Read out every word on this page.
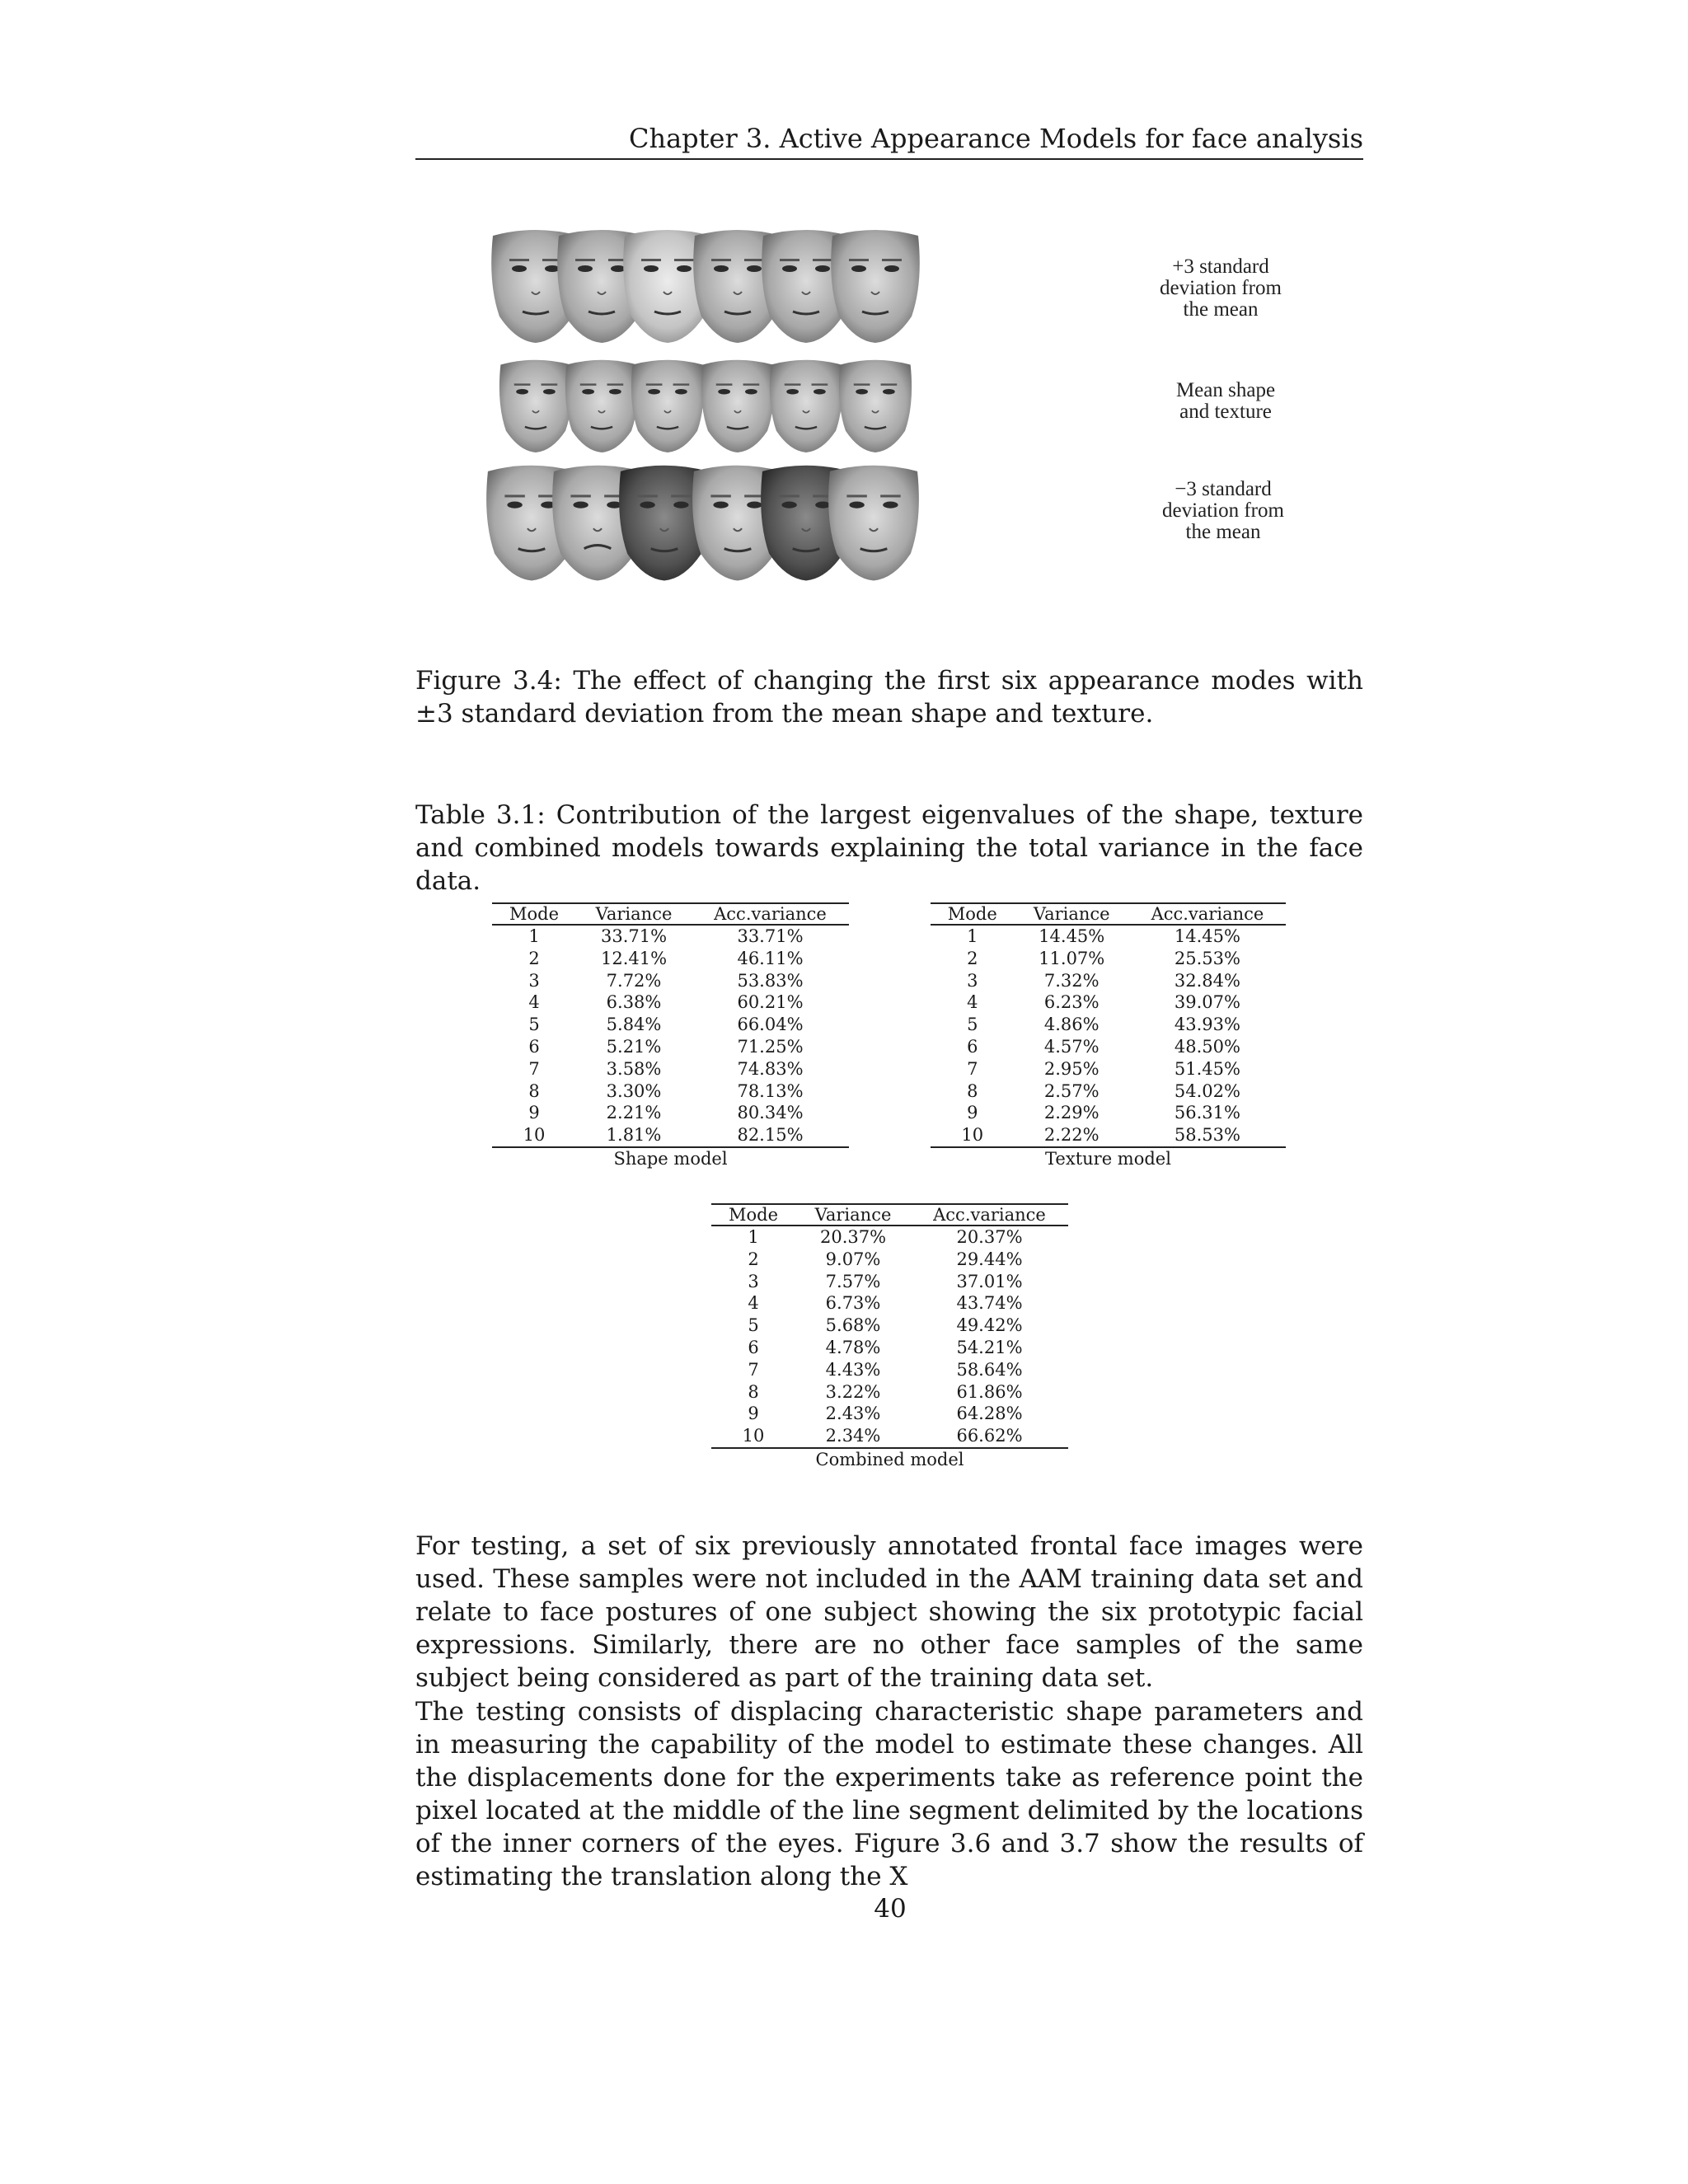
Chapter 3. Active Appearance Models for face analysis
+3 standard
deviation from
the mean
Mean shape
and texture
−3 standard
deviation from
the mean
Figure 3.4: The effect of changing the first six appearance modes with ±3 standard deviation from the mean shape and texture.
Table 3.1: Contribution of the largest eigenvalues of the shape, texture and combined models towards explaining the total variance in the face data.
Shape model
Mode	Variance	Acc.variance
1	33.71%	33.71%
2	12.41%	46.11%
3	7.72%	53.83%
4	6.38%	60.21%
5	5.84%	66.04%
6	5.21%	71.25%
7	3.58%	74.83%
8	3.30%	78.13%
9	2.21%	80.34%
10	1.81%	82.15%
Texture model
Mode	Variance	Acc.variance
1	14.45%	14.45%
2	11.07%	25.53%
3	7.32%	32.84%
4	6.23%	39.07%
5	4.86%	43.93%
6	4.57%	48.50%
7	2.95%	51.45%
8	2.57%	54.02%
9	2.29%	56.31%
10	2.22%	58.53%
Combined model
Mode	Variance	Acc.variance
1	20.37%	20.37%
2	9.07%	29.44%
3	7.57%	37.01%
4	6.73%	43.74%
5	5.68%	49.42%
6	4.78%	54.21%
7	4.43%	58.64%
8	3.22%	61.86%
9	2.43%	64.28%
10	2.34%	66.62%

For testing, a set of six previously annotated frontal face images were used. These samples were not included in the AAM training data set and relate to face postures of one subject showing the six prototypic facial expressions. Similarly, there are no other face samples of the same subject being considered as part of the training data set.

The testing consists of displacing characteristic shape parameters and in measuring the capability of the model to estimate these changes. All the displacements done for the experiments take as reference point the pixel located at the middle of the line segment delimited by the locations of the inner corners of the eyes. Figure 3.6 and 3.7 show the results of estimating the translation along the X

40
